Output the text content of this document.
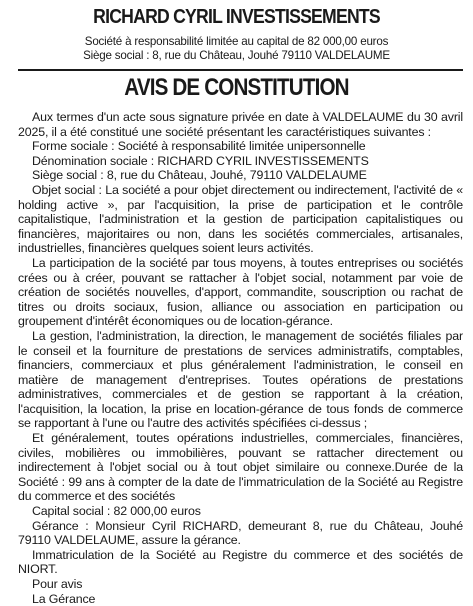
RICHARD CYRIL INVESTISSEMENTS
Société à responsabilité limitée au capital de 82 000,00 euros
Siège social : 8, rue du Château, Jouhé 79110 VALDELAUME
AVIS DE CONSTITUTION

Aux termes d'un acte sous signature privée en date à VALDELAUME du 30 avril 2025, il a été constitué une société présentant les caractéristiques suivantes :

Forme sociale : Société à responsabilité limitée unipersonnelle

Dénomination sociale : RICHARD CYRIL INVESTISSEMENTS

Siège social : 8, rue du Château, Jouhé, 79110 VALDELAUME

Objet social : La société a pour objet directement ou indirectement, l'activité de « holding active », par l'acquisition, la prise de participation et le contrôle capitalistique, l'administration et la gestion de participation capitalistiques ou financières, majoritaires ou non, dans les sociétés commerciales, artisanales, industrielles, financières quelques soient leurs activités.

La participation de la société par tous moyens, à toutes entreprises ou sociétés crées ou à créer, pouvant se rattacher à l'objet social, notamment par voie de création de sociétés nouvelles, d'apport, commandite, souscription ou rachat de titres ou droits sociaux, fusion, alliance ou association en participation ou groupement d'intérêt économiques ou de location-gérance.

La gestion, l'administration, la direction, le management de sociétés filiales par le conseil et la fourniture de prestations de services administratifs, comptables, financiers, commerciaux et plus généralement l'administration, le conseil en matière de management d'entreprises. Toutes opérations de prestations administratives, commerciales et de gestion se rapportant à la création, l'acquisition, la location, la prise en location-gérance de tous fonds de commerce se rapportant à l'une ou l'autre des activités spécifiées ci-dessus ;

Et généralement, toutes opérations industrielles, commerciales, financières, civiles, mobilières ou immobilières, pouvant se rattacher directement ou indirectement à l'objet social ou à tout objet similaire ou connexe.Durée de la Société : 99 ans à compter de la date de l'immatriculation de la Société au Registre du commerce et des sociétés

Capital social : 82 000,00 euros

Gérance : Monsieur Cyril RICHARD, demeurant 8, rue du Château, Jouhé 79110 VALDELAUME, assure la gérance.

Immatriculation de la Société au Registre du commerce et des sociétés de NIORT.

Pour avis

La Gérance
